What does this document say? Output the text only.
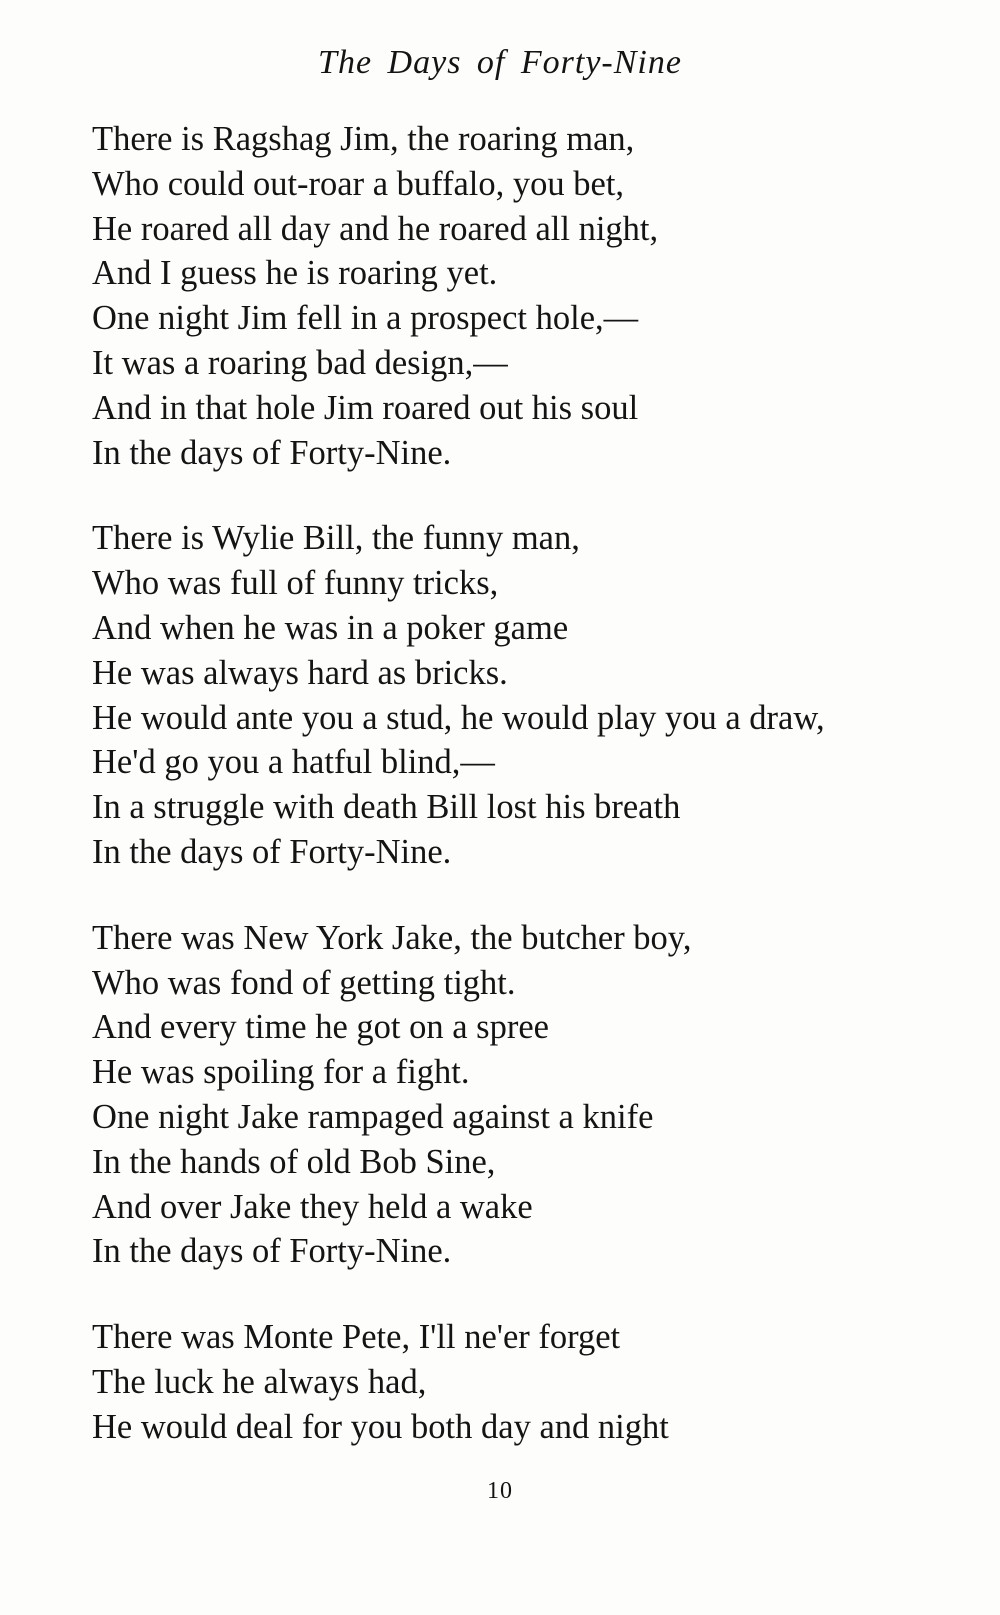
The Days of Forty-Nine
There is Ragshag Jim, the roaring man,
Who could out-roar a buffalo, you bet,
He roared all day and he roared all night,
And I guess he is roaring yet.
One night Jim fell in a prospect hole,—
It was a roaring bad design,—
And in that hole Jim roared out his soul
In the days of Forty-Nine.
There is Wylie Bill, the funny man,
Who was full of funny tricks,
And when he was in a poker game
He was always hard as bricks.
He would ante you a stud, he would play you a draw,
He'd go you a hatful blind,—
In a struggle with death Bill lost his breath
In the days of Forty-Nine.
There was New York Jake, the butcher boy,
Who was fond of getting tight.
And every time he got on a spree
He was spoiling for a fight.
One night Jake rampaged against a knife
In the hands of old Bob Sine,
And over Jake they held a wake
In the days of Forty-Nine.
There was Monte Pete, I'll ne'er forget
The luck he always had,
He would deal for you both day and night
10
